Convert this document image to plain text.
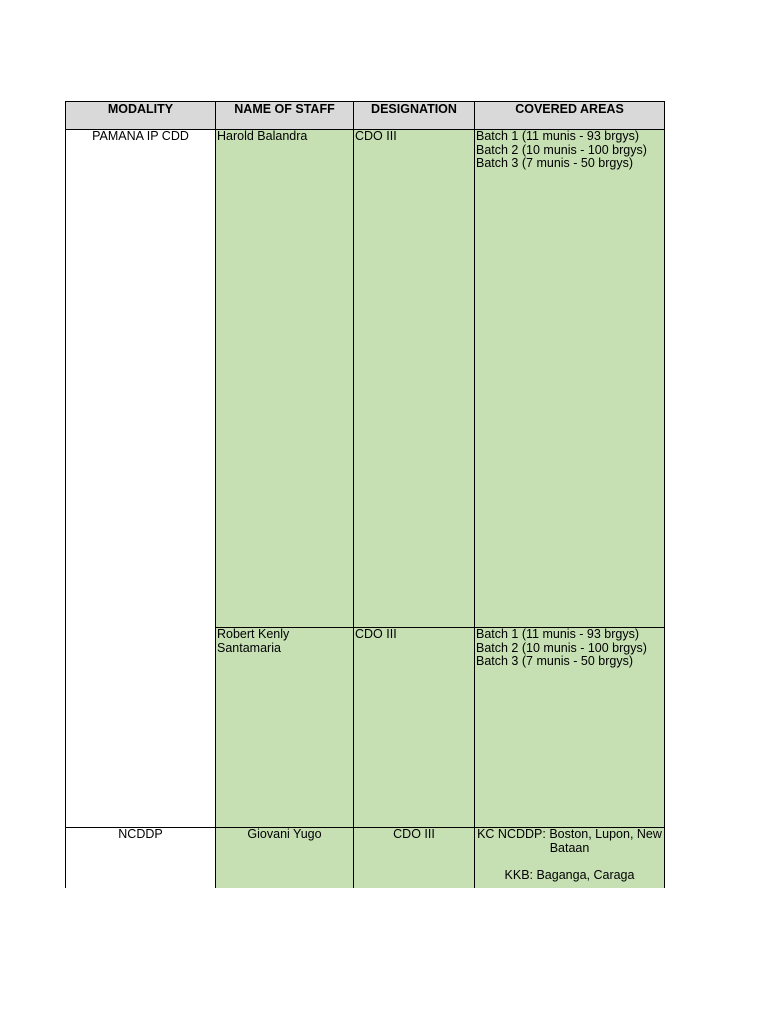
MODALITY	NAME OF STAFF	DESIGNATION	COVERED AREAS
PAMANA IP CDD	Harold Balandra	CDO III	Batch 1 (11 munis - 93 brgys)
Batch 2 (10 munis - 100 brgys)
Batch 3 (7 munis - 50 brgys)

	Robert Kenly Santamaria	CDO III	Batch 1 (11 munis - 93 brgys)
Batch 2 (10 munis - 100 brgys)
Batch 3 (7 munis - 50 brgys)

NCDDP	Giovani Yugo	CDO III	KC NCDDP: Boston, Lupon, New Bataan
KKB: Baganga, Caraga
